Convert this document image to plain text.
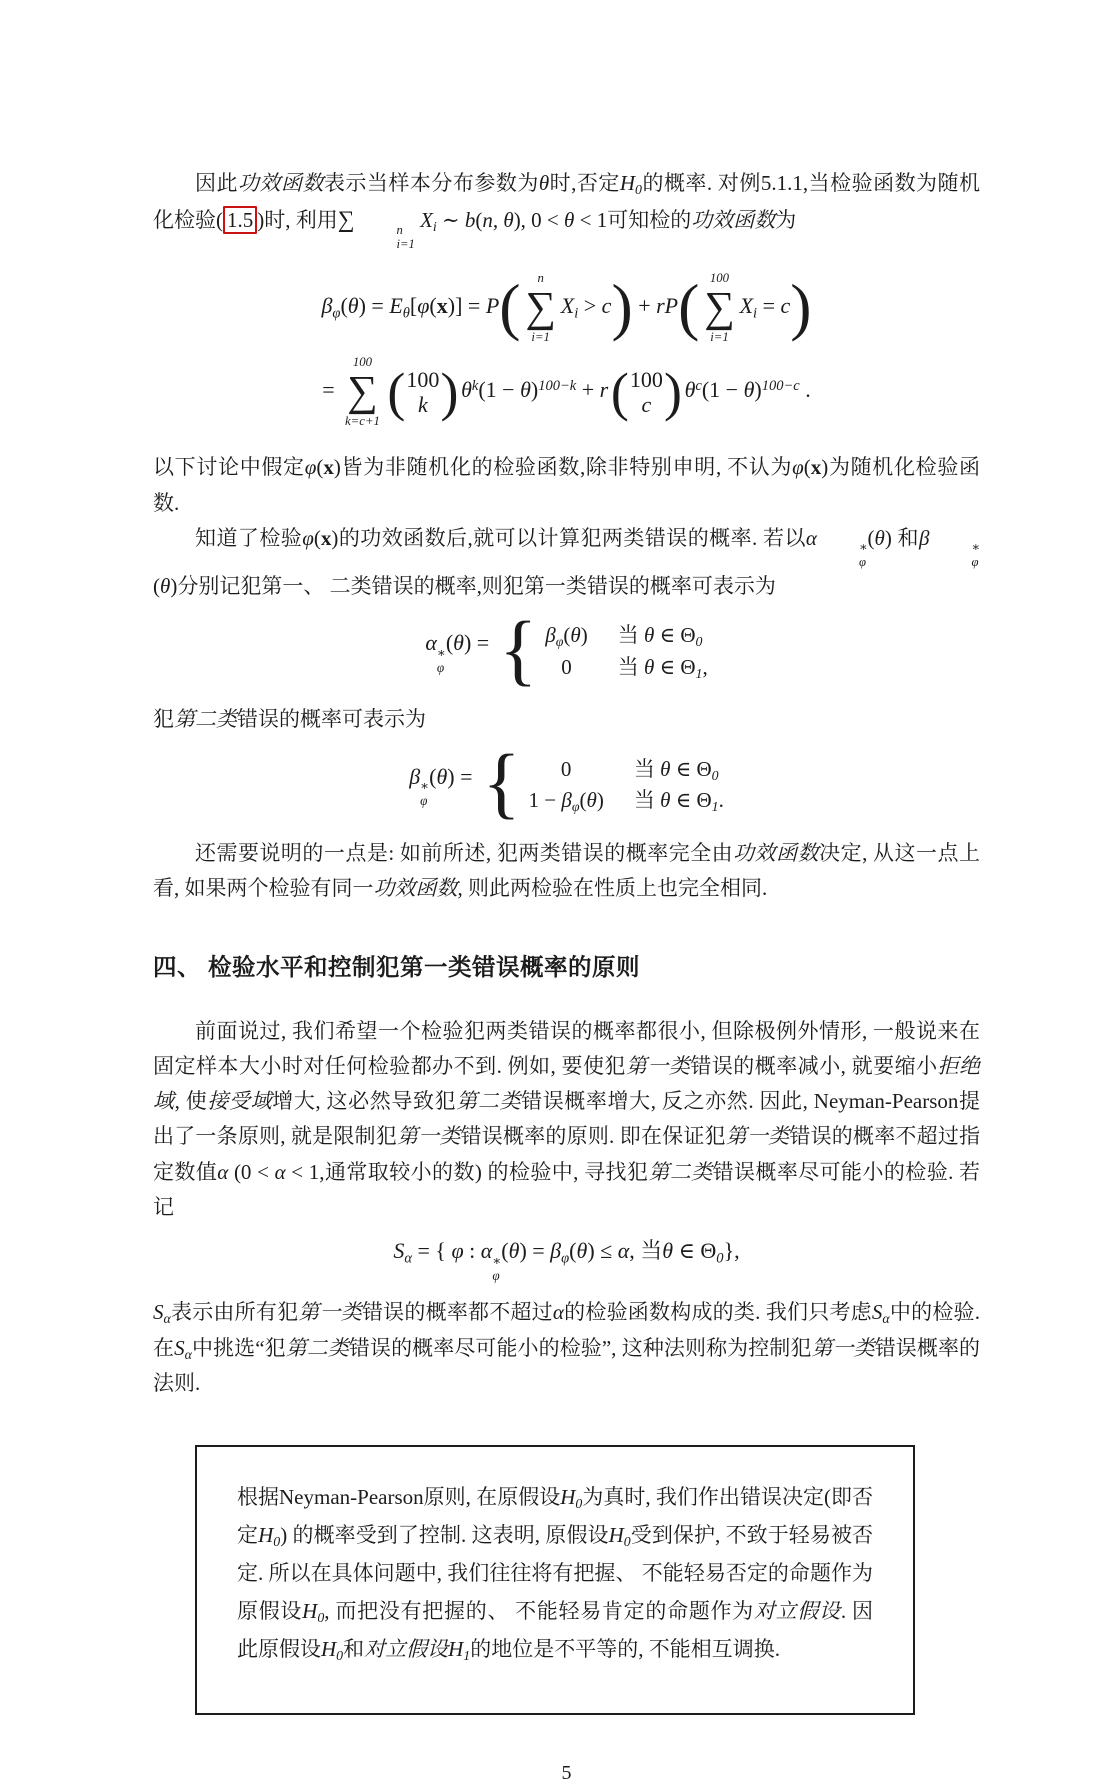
因此功效函数表示当样本分布参数为θ时,否定H0的概率. 对例5.1.1,当检验函数为随机化检验( 1.5 )时, 利用∑	n
i=1
Xi ∼ b(n, θ), 0 < θ < 1可知检的功效函数为

βφ(θ) = Eθ[φ(x)] = P( n
∑
i=1
Xi > c) + rP( 100
∑
i=1
Xi = c)
=
100
∑
k=c+1 ( 100
k ) $\theta^k(1 - \theta)^{100-k} + r$ ( 100
c ) $\theta^c(1 - \theta)^{100-c}$ .

以下讨论中假定φ(x)皆为非随机化的检验函数,除非特别申明, 不认为φ(x)为随机化检验函数.

知道了检验φ(x)的功效函数后,就可以计算犯两类错误的概率. 若以α	∗
φ
(θ) 和β	∗
φ
(θ)分别记犯第一、 二类错误的概率,则犯第一类错误的概率可表示为

α ∗
φ
(θ) = { βφ(θ) 当 θ ∈ Θ0
0	当 θ ∈ Θ1,

犯第二类错误的概率可表示为

β ∗
φ
(θ) = {	0	当 θ ∈ Θ0
1 − βφ(θ) 当 θ ∈ Θ1.

还需要说明的一点是: 如前所述, 犯两类错误的概率完全由功效函数决定, 从这一点上看, 如果两个检验有同一功效函数, 则此两检验在性质上也完全相同.

四、 检验水平和控制犯第一类错误概率的原则

前面说过, 我们希望一个检验犯两类错误的概率都很小, 但除极例外情形, 一般说来在固定样本大小时对任何检验都办不到. 例如, 要使犯第一类错误的概率减小, 就要缩小拒绝域, 使接受域增大, 这必然导致犯第二类错误概率增大, 反之亦然. 因此, Neyman-Pearson提出了一条原则, 就是限制犯第一类错误概率的原则. 即在保证犯第一类错误的概率不超过指定数值α (0 < α < 1,通常取较小的数) 的检验中, 寻找犯第二类错误概率尽可能小的检验. 若记

Sα = { φ : α ∗
φ
(θ) = βφ(θ) ≤ α, 当θ ∈ Θ0},

Sα表示由所有犯第一类错误的概率都不超过α的检验函数构成的类. 我们只考虑Sα中的检验. 在Sα中挑选“犯第二类错误的概率尽可能小的检验”, 这种法则称为控制犯第一类错误概率的法则.

根据Neyman-Pearson原则, 在原假设H0为真时, 我们作出错误决定(即否定H0) 的概率受到了控制. 这表明, 原假设H0受到保护, 不致于轻易被否定. 所以在具体问题中, 我们往往将有把握、 不能轻易否定的命题作为原假设H0, 而把没有把握的、 不能轻易肯定的命题作为对立假设. 因此原假设H0和对立假设H1的地位是不平等的, 不能相互调换.

5
